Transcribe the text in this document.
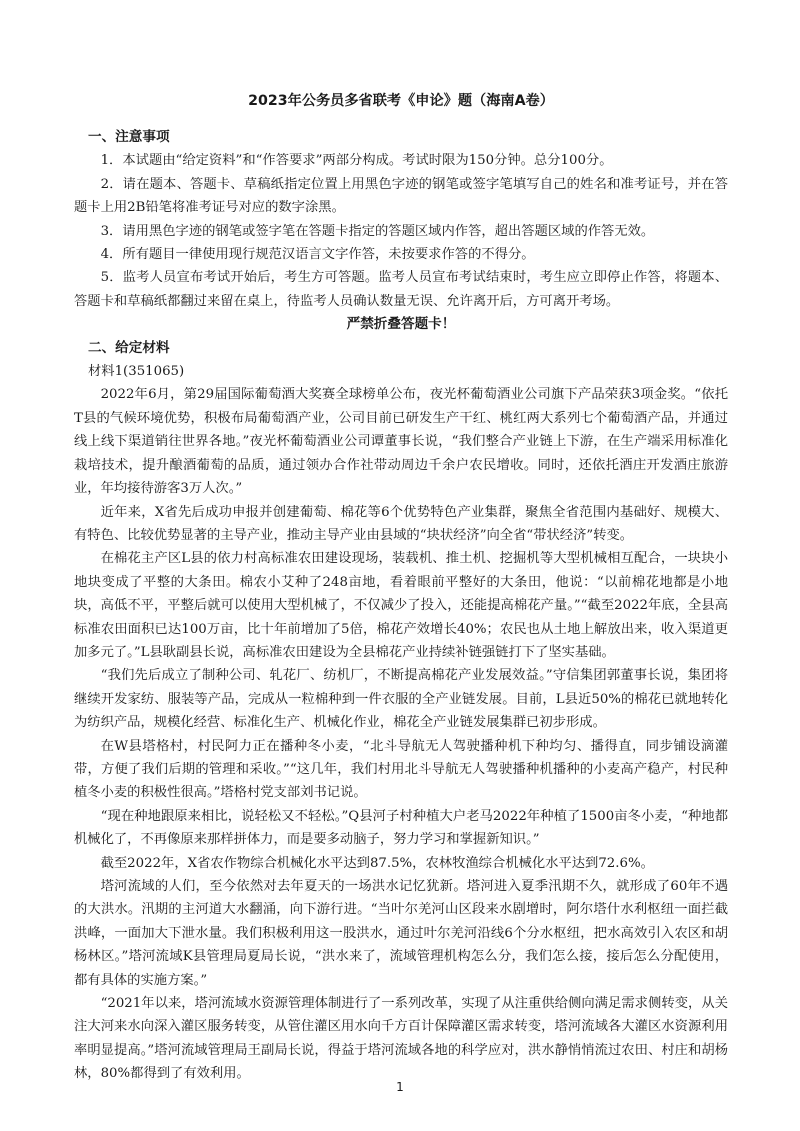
2023年公务员多省联考《申论》题（海南A卷）

一、注意事项

1．本试题由“给定资料”和“作答要求”两部分构成。考试时限为150分钟。总分100分。

2．请在题本、答题卡、草稿纸指定位置上用黑色字迹的钢笔或签字笔填写自己的姓名和准考证号，并在答题卡上用2B铅笔将准考证号对应的数字涂黑。

3．请用黑色字迹的钢笔或签字笔在答题卡指定的答题区域内作答，超出答题区域的作答无效。

4．所有题目一律使用现行规范汉语言文字作答，未按要求作答的不得分。

5．监考人员宣布考试开始后，考生方可答题。监考人员宣布考试结束时，考生应立即停止作答，将题本、答题卡和草稿纸都翻过来留在桌上，待监考人员确认数量无误、允许离开后，方可离开考场。

严禁折叠答题卡！

二、给定材料

材料1(351065)

2022年6月，第29届国际葡萄酒大奖赛全球榜单公布，夜光杯葡萄酒业公司旗下产品荣获3项金奖。“依托T县的气候环境优势，积极布局葡萄酒产业，公司目前已研发生产干红、桃红两大系列七个葡萄酒产品，并通过线上线下渠道销往世界各地。”夜光杯葡萄酒业公司谭董事长说，“我们整合产业链上下游，在生产端采用标准化栽培技术，提升酿酒葡萄的品质，通过领办合作社带动周边千余户农民增收。同时，还依托酒庄开发酒庄旅游业，年均接待游客3万人次。”

近年来，X省先后成功申报并创建葡萄、棉花等6个优势特色产业集群，聚焦全省范围内基础好、规模大、有特色、比较优势显著的主导产业，推动主导产业由县域的“块状经济”向全省“带状经济”转变。

在棉花主产区L县的依力村高标准农田建设现场，装载机、推土机、挖掘机等大型机械相互配合，一块块小地块变成了平整的大条田。棉农小艾种了248亩地，看着眼前平整好的大条田，他说：“以前棉花地都是小地块，高低不平，平整后就可以使用大型机械了，不仅减少了投入，还能提高棉花产量。”“截至2022年底，全县高标准农田面积已达100万亩，比十年前增加了5倍，棉花产效增长40%；农民也从土地上解放出来，收入渠道更加多元了。”L县耿副县长说，高标准农田建设为全县棉花产业持续补链强链打下了坚实基础。

“我们先后成立了制种公司、轧花厂、纺机厂，不断提高棉花产业发展效益。”守信集团郭董事长说，集团将继续开发家纺、服装等产品，完成从一粒棉种到一件衣服的全产业链发展。目前，L县近50%的棉花已就地转化为纺织产品，规模化经营、标准化生产、机械化作业，棉花全产业链发展集群已初步形成。

在W县塔格村，村民阿力正在播种冬小麦，“北斗导航无人驾驶播种机下种均匀、播得直，同步铺设滴灌带，方便了我们后期的管理和采收。”“这几年，我们村用北斗导航无人驾驶播种机播种的小麦高产稳产，村民种植冬小麦的积极性很高。”塔格村党支部刘书记说。

“现在种地跟原来相比，说轻松又不轻松。”Q县河子村种植大户老马2022年种植了1500亩冬小麦，“种地都机械化了，不再像原来那样拼体力，而是要多动脑子，努力学习和掌握新知识。”

截至2022年，X省农作物综合机械化水平达到87.5%，农林牧渔综合机械化水平达到72.6%。

塔河流域的人们，至今依然对去年夏天的一场洪水记忆犹新。塔河进入夏季汛期不久，就形成了60年不遇的大洪水。汛期的主河道大水翻涌，向下游行进。“当叶尔羌河山区段来水剧增时，阿尔塔什水利枢纽一面拦截洪峰，一面加大下泄水量。我们积极利用这一股洪水，通过叶尔羌河沿线6个分水枢纽，把水高效引入农区和胡杨林区。”塔河流域K县管理局夏局长说，“洪水来了，流域管理机构怎么分，我们怎么接，接后怎么分配使用，都有具体的实施方案。”

“2021年以来，塔河流域水资源管理体制进行了一系列改革，实现了从注重供给侧向满足需求侧转变，从关注大河来水向深入灌区服务转变，从管住灌区用水向千方百计保障灌区需求转变，塔河流域各大灌区水资源利用率明显提高。”塔河流域管理局王副局长说，得益于塔河流域各地的科学应对，洪水静悄悄流过农田、村庄和胡杨林，80%都得到了有效利用。

1
